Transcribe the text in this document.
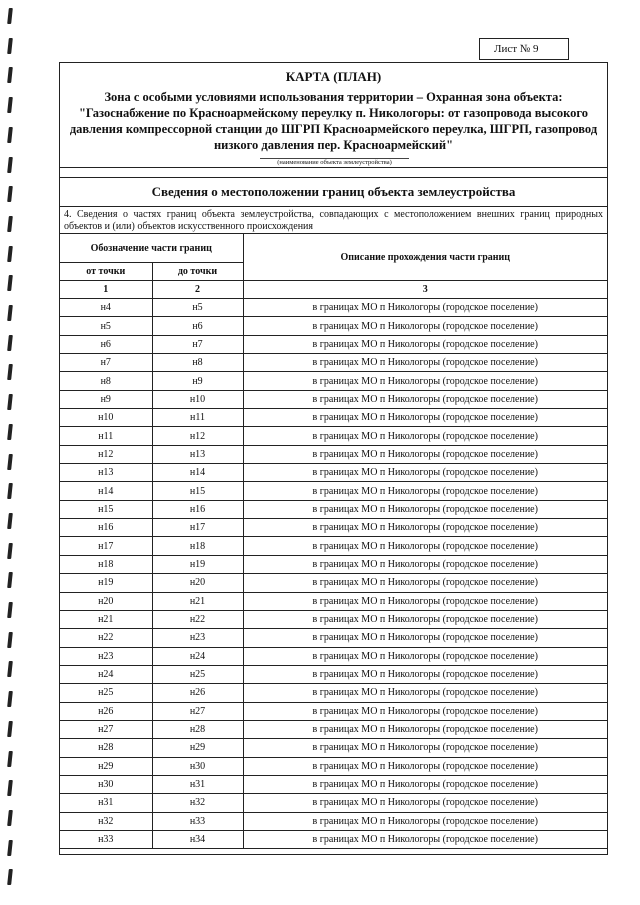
Лист № 9
КАРТА (ПЛАН)
Зона с особыми условиями использования территории – Охранная зона объекта: "Газоснабжение по Красноармейскому переулку п. Никологоры: от газопровода высокого давления компрессорной станции до ШГРП Красноармейского переулка, ШГРП, газопровод низкого давления пер. Красноармейский"
(наименование объекта землеустройства)
Сведения о местоположении границ объекта землеустройства
4. Сведения о частях границ объекта землеустройства, совпадающих с местоположением внешних границ природных объектов и (или) объектов искусственного происхождения
Обозначение части границ		Описание прохождения части границ
от точки	до точки	
1	2	3
н4	н5	в границах МО п Никологоры (городское поселение)
н5	н6	в границах МО п Никологоры (городское поселение)
н6	н7	в границах МО п Никологоры (городское поселение)
н7	н8	в границах МО п Никологоры (городское поселение)
н8	н9	в границах МО п Никологоры (городское поселение)
н9	н10	в границах МО п Никологоры (городское поселение)
н10	н11	в границах МО п Никологоры (городское поселение)
н11	н12	в границах МО п Никологоры (городское поселение)
н12	н13	в границах МО п Никологоры (городское поселение)
н13	н14	в границах МО п Никологоры (городское поселение)
н14	н15	в границах МО п Никологоры (городское поселение)
н15	н16	в границах МО п Никологоры (городское поселение)
н16	н17	в границах МО п Никологоры (городское поселение)
н17	н18	в границах МО п Никологоры (городское поселение)
н18	н19	в границах МО п Никологоры (городское поселение)
н19	н20	в границах МО п Никологоры (городское поселение)
н20	н21	в границах МО п Никологоры (городское поселение)
н21	н22	в границах МО п Никологоры (городское поселение)
н22	н23	в границах МО п Никологоры (городское поселение)
н23	н24	в границах МО п Никологоры (городское поселение)
н24	н25	в границах МО п Никологоры (городское поселение)
н25	н26	в границах МО п Никологоры (городское поселение)
н26	н27	в границах МО п Никологоры (городское поселение)
н27	н28	в границах МО п Никологоры (городское поселение)
н28	н29	в границах МО п Никологоры (городское поселение)
н29	н30	в границах МО п Никологоры (городское поселение)
н30	н31	в границах МО п Никологоры (городское поселение)
н31	н32	в границах МО п Никологоры (городское поселение)
н32	н33	в границах МО п Никологоры (городское поселение)
н33	н34	в границах МО п Никологоры (городское поселение)
